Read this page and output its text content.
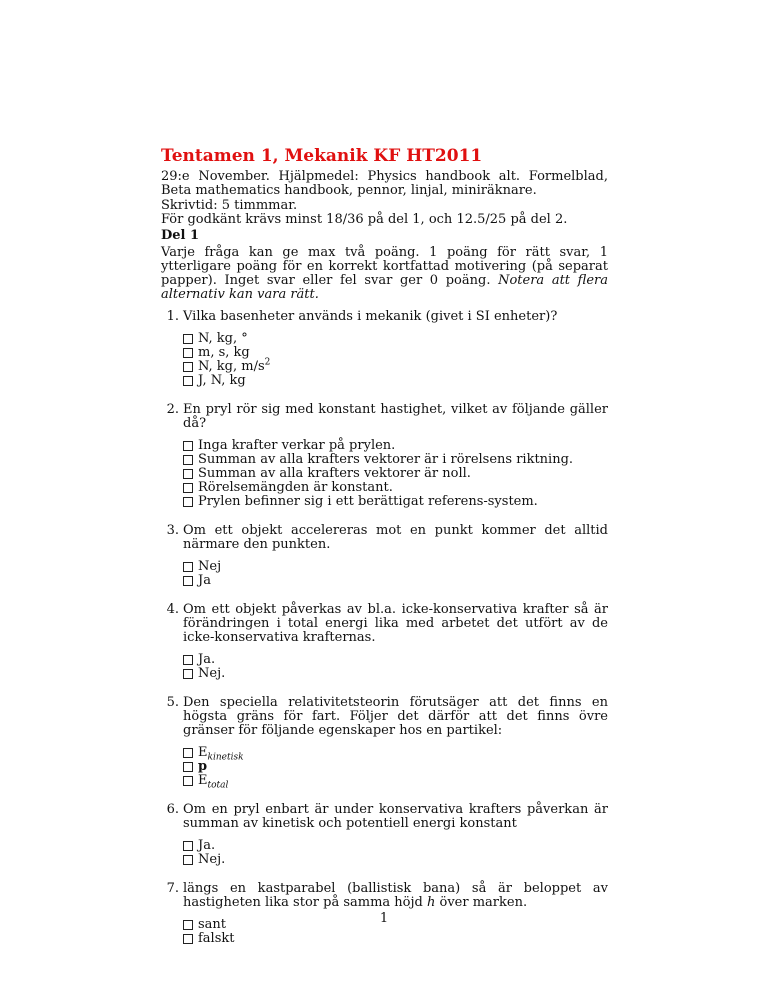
Tentamen 1, Mekanik KF HT2011

29:e November. Hjälpmedel: Physics handbook alt. Formelblad, Beta mathematics handbook, pennor, linjal, miniräknare.

Skrivtid: 5 timmmar.

För godkänt krävs minst 18/36 på del 1, och 12.5/25 på del 2.

Del 1

Varje fråga kan ge max två poäng. 1 poäng för rätt svar, 1 ytterligare poäng för en korrekt kortfattad motivering (på separat papper). Inget svar eller fel svar ger 0 poäng. Notera att flera alternativ kan vara rätt.

1. Vilka basenheter används i mekanik (givet i SI enheter)?
N, kg, °
m, s, kg
N, kg, $m/s^2$
J, N, kg
2. En pryl rör sig med konstant hastighet, vilket av följande gäller då?
Inga krafter verkar på prylen.
Summan av alla krafters vektorer är i rörelsens riktning.
Summan av alla krafters vektorer är noll.
Rörelsemängden är konstant.
Prylen befinner sig i ett berättigat referens-system.
3. Om ett objekt accelereras mot en punkt kommer det alltid närmare den punkten.
Nej
Ja
4. Om ett objekt påverkas av bl.a. icke-konservativa krafter så är förändringen i total energi lika med arbetet det utfört av de icke-konservativa krafternas.
Ja.
Nej.
5. Den speciella relativitetsteorin förutsäger att det finns en högsta gräns för fart. Följer det därför att det finns övre gränser för följande egenskaper hos en partikel:
$E_{kinetisk}$
p
$E_{total}$
6. Om en pryl enbart är under konservativa krafters påverkan är summan av kinetisk och potentiell energi konstant
Ja.
Nej.
7. längs en kastparabel (ballistisk bana) så är beloppet av hastigheten lika stor på samma höjd h över marken.
sant
falskt
1
